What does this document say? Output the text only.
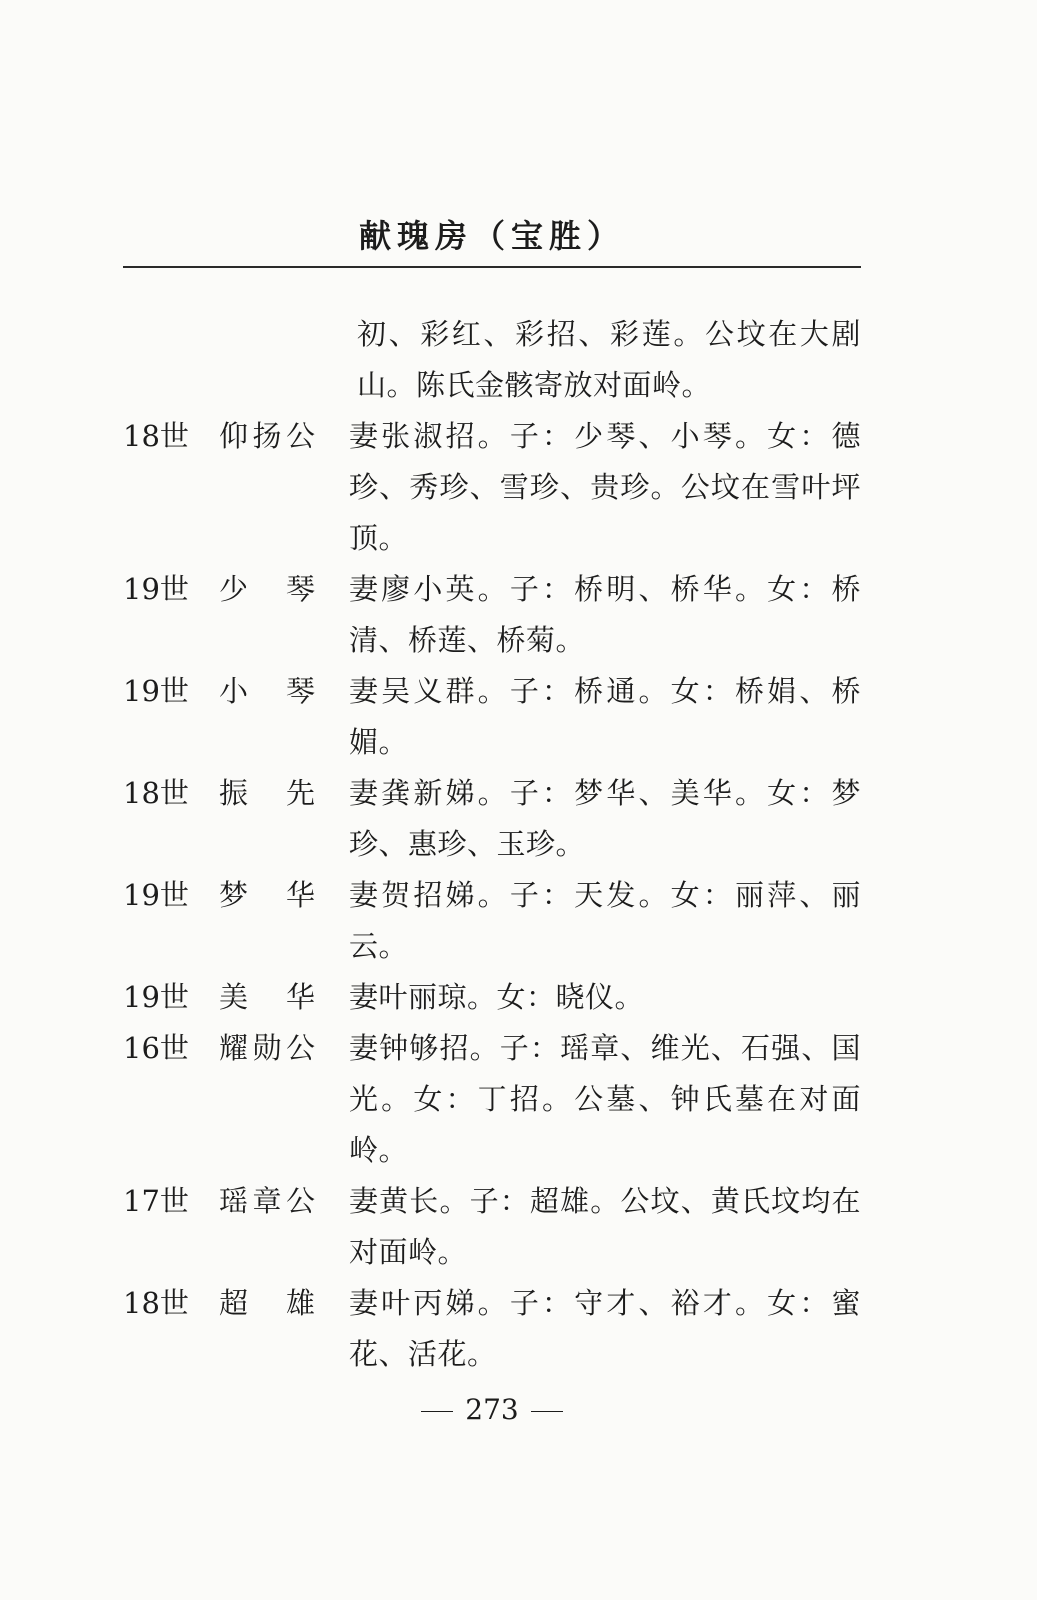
献瑰房（宝胜）
初、彩红、彩招、彩莲。公坟在大剧山。陈氏金骸寄放对面岭。
18世	仰扬公 妻张淑招。子：少琴、小琴。女：德珍、秀珍、雪珍、贵珍。公坟在雪叶坪顶。
19世	少琴 妻廖小英。子：桥明、桥华。女：桥清、桥莲、桥菊。
19世	小琴 妻吴义群。子：桥通。女：桥娟、桥媚。
18世	振先 妻龚新娣。子：梦华、美华。女：梦珍、惠珍、玉珍。
19世	梦华 妻贺招娣。子：天发。女：丽萍、丽云。
19世	美华 妻叶丽琼。女：晓仪。
16世	耀勋公 妻钟够招。子：瑶章、维光、石强、国光。女：丁招。公墓、钟氏墓在对面岭。
17世	瑶章公 妻黄长。子：超雄。公坟、黄氏坟均在对面岭。
18世	超雄 妻叶丙娣。子：守才、裕才。女：蜜花、活花。
273
